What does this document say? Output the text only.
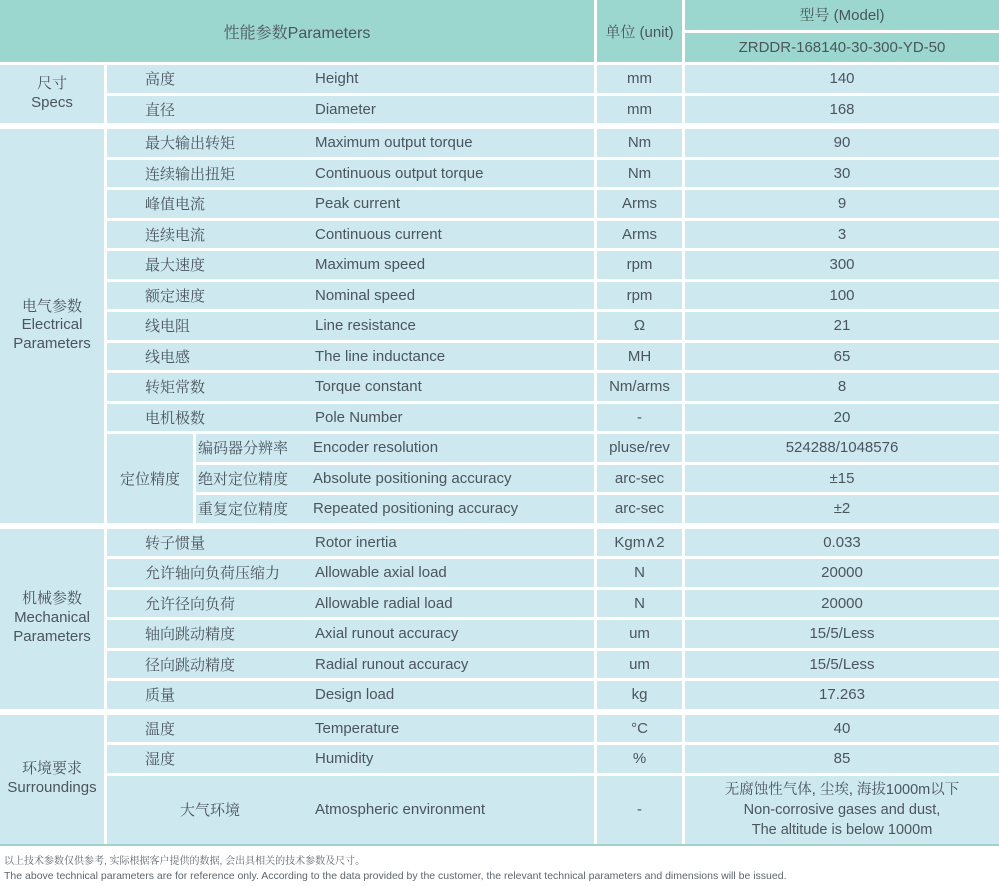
性能参数Parameters	单位 (unit)
型号 (Model)
ZRDDR-168140-30-300-YD-50
尺寸
Specs
高度	Height	mm	140
直径	Diameter	mm	168
电气参数
Electrical Parameters
最大输出转矩	Maximum output torque	Nm	90
连续输出扭矩	Continuous output torque	Nm	30
峰值电流	Peak current	Arms	9
连续电流	Continuous current	Arms	3
最大速度	Maximum speed	rpm	300
额定速度	Nominal speed	rpm	100
线电阻	Line resistance	Ω	21
线电感	The line inductance	MH	65
转矩常数	Torque constant	Nm/arms	8
电机极数	Pole Number	-	20
定位精度
编码器分辨率	Encoder resolution	pluse/rev	524288/1048576
绝对定位精度	Absolute positioning accuracy	arc-sec	±15
重复定位精度	Repeated positioning accuracy	arc-sec	±2
机械参数
Mechanical Parameters
转子惯量	Rotor inertia	Kgm∧2	0.033
允许轴向负荷压缩力	Allowable axial load	N	20000
允许径向负荷	Allowable radial load	N	20000
轴向跳动精度	Axial runout accuracy	um	15/5/Less
径向跳动精度	Radial runout accuracy	um	15/5/Less
质量	Design load	kg	17.263
环境要求
Surroundings
温度	Temperature	°C	40
湿度	Humidity	%	85
大气环境	Atmospheric environment	-
无腐蚀性气体, 尘埃, 海拔1000m以下
Non-corrosive gases and dust,
The altitude is below 1000m
以上技术参数仅供参考, 实际根据客户提供的数据, 会出具相关的技术参数及尺寸。
The above technical parameters are for reference only. According to the data provided by the customer, the relevant technical parameters and dimensions will be issued.
